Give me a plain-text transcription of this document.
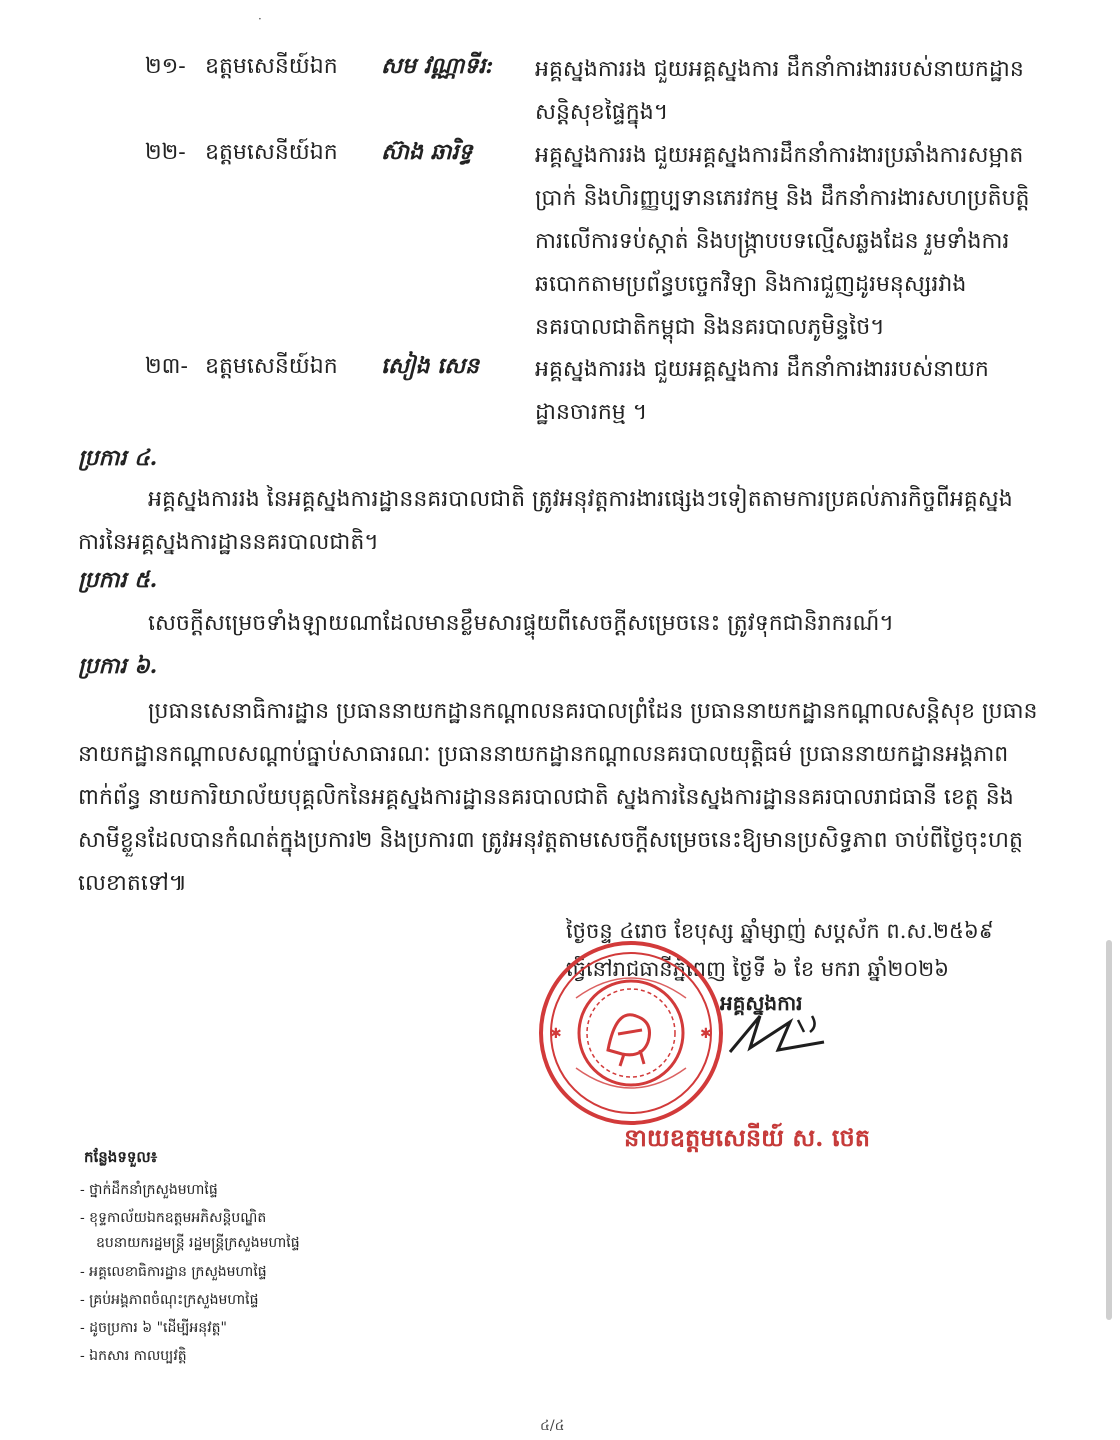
·
២១- ឧត្តមសេនីយ៍ឯក	សម វណ្ណាទីរ:	អគ្គស្នងការរង ជួយអគ្គស្នងការ ដឹកនាំការងាររបស់នាយកដ្ឋានសន្តិសុខផ្ទៃក្នុង។
២២- ឧត្តមសេនីយ៍ឯក	ស៊ាង ឆារិទ្ធ	អគ្គស្នងការរង ជួយអគ្គស្នងការដឹកនាំការងារប្រឆាំងការសម្អាតប្រាក់ និងហិរញ្ញប្បទានភេរវកម្ម និង ដឹកនាំការងារសហប្រតិបត្តិការលើការទប់ស្កាត់ និងបង្ក្រាបបទល្មើសឆ្លងដែន រួមទាំងការឆបោកតាមប្រព័ន្ធបច្ចេកវិទ្យា និងការជួញដូរមនុស្សរវាងនគរបាលជាតិកម្ពុជា និងនគរបាលភូមិន្ទថៃ។
២៣- ឧត្តមសេនីយ៍ឯក	សៀង សេន	អគ្គស្នងការរង ជួយអគ្គស្នងការ ដឹកនាំការងាររបស់នាយកដ្ឋានចារកម្ម ។
ប្រការ ៤.
អគ្គស្នងការរង នៃអគ្គស្នងការដ្ឋាននគរបាលជាតិ ត្រូវអនុវត្តការងារផ្សេងៗទៀតតាមការប្រគល់ភារកិច្ចពីអគ្គស្នងការនៃអគ្គស្នងការដ្ឋាននគរបាលជាតិ។
ប្រការ ៥.
សេចក្តីសម្រេចទាំងឡាយណាដែលមានខ្លឹមសារផ្ទុយពីសេចក្តីសម្រេចនេះ ត្រូវទុកជានិរាករណ៍។
ប្រការ ៦.
ប្រធានសេនាធិការដ្ឋាន ប្រធាននាយកដ្ឋានកណ្តាលនគរបាលព្រំដែន ប្រធាននាយកដ្ឋានកណ្តាលសន្តិសុខ ប្រធាននាយកដ្ឋានកណ្តាលសណ្តាប់ធ្នាប់សាធារណៈ ប្រធាននាយកដ្ឋានកណ្តាលនគរបាលយុត្តិធម៌ ប្រធាននាយកដ្ឋានអង្គភាពពាក់ព័ន្ធ នាយការិយាល័យបុគ្គលិកនៃអគ្គស្នងការដ្ឋាននគរបាលជាតិ ស្នងការនៃស្នងការដ្ឋាននគរបាលរាជធានី ខេត្ត និងសាមីខ្លួនដែលបានកំណត់ក្នុងប្រការ២ និងប្រការ៣ ត្រូវអនុវត្តតាមសេចក្តីសម្រេចនេះឱ្យមានប្រសិទ្ធភាព ចាប់ពីថ្ងៃចុះហត្ថលេខាតទៅ៕
ថ្ងៃចន្ទ ៤រោច ខែបុស្ស ឆ្នាំម្សាញ់ សប្តស័ក ព.ស.២៥៦៩
ធ្វើនៅរាជធានីភ្នំពេញ ថ្ងៃទី ៦ ខែ មករា ឆ្នាំ២០២៦
អគ្គស្នងការ
✱	✱
នាយឧត្តមសេនីយ៍ ស. ថេត
កន្លែងទទួល៖
- ថ្នាក់ដឹកនាំក្រសួងមហាផ្ទៃ
- ខុទ្ទកាល័យឯកឧត្តមអភិសន្តិបណ្ឌិត
ឧបនាយករដ្ឋមន្ត្រី រដ្ឋមន្ត្រីក្រសួងមហាផ្ទៃ
- អគ្គលេខាធិការដ្ឋាន ក្រសួងមហាផ្ទៃ
- គ្រប់អង្គភាពចំណុះក្រសួងមហាផ្ទៃ
- ដូចប្រការ ៦ "ដើម្បីអនុវត្ត"
- ឯកសារ កាលប្បវត្តិ
៤/៤
